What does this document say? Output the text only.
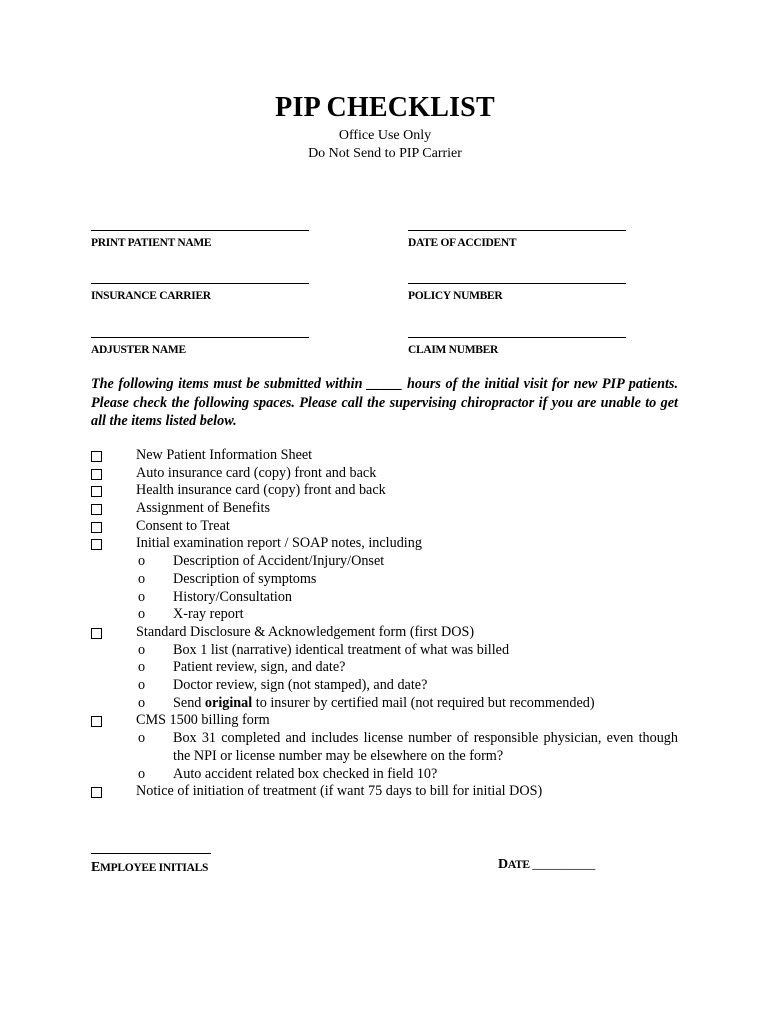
PIP CHECKLIST
Office Use Only
Do Not Send to PIP Carrier
PRINT PATIENT NAME	DATE OF ACCIDENT
INSURANCE CARRIER	POLICY NUMBER
ADJUSTER NAME	CLAIM NUMBER
The following items must be submitted within _____ hours of the initial visit for new PIP patients. Please check the following spaces. Please call the supervising chiropractor if you are unable to get all the items listed below.
New Patient Information Sheet
Auto insurance card (copy) front and back
Health insurance card (copy) front and back
Assignment of Benefits
Consent to Treat
Initial examination report / SOAP notes, including
o Description of Accident/Injury/Onset
o Description of symptoms
o History/Consultation
o X-ray report
Standard Disclosure & Acknowledgement form (first DOS)
o Box 1 list (narrative) identical treatment of what was billed
o Patient review, sign, and date?
o Doctor review, sign (not stamped), and date?
o Send original to insurer by certified mail (not required but recommended)
CMS 1500 billing form
o Box 31 completed and includes license number of responsible physician, even though the NPI or license number may be elsewhere on the form?
o Auto accident related box checked in field 10?
Notice of initiation of treatment (if want 75 days to bill for initial DOS)
EMPLOYEE INITIALS	DATE _________
